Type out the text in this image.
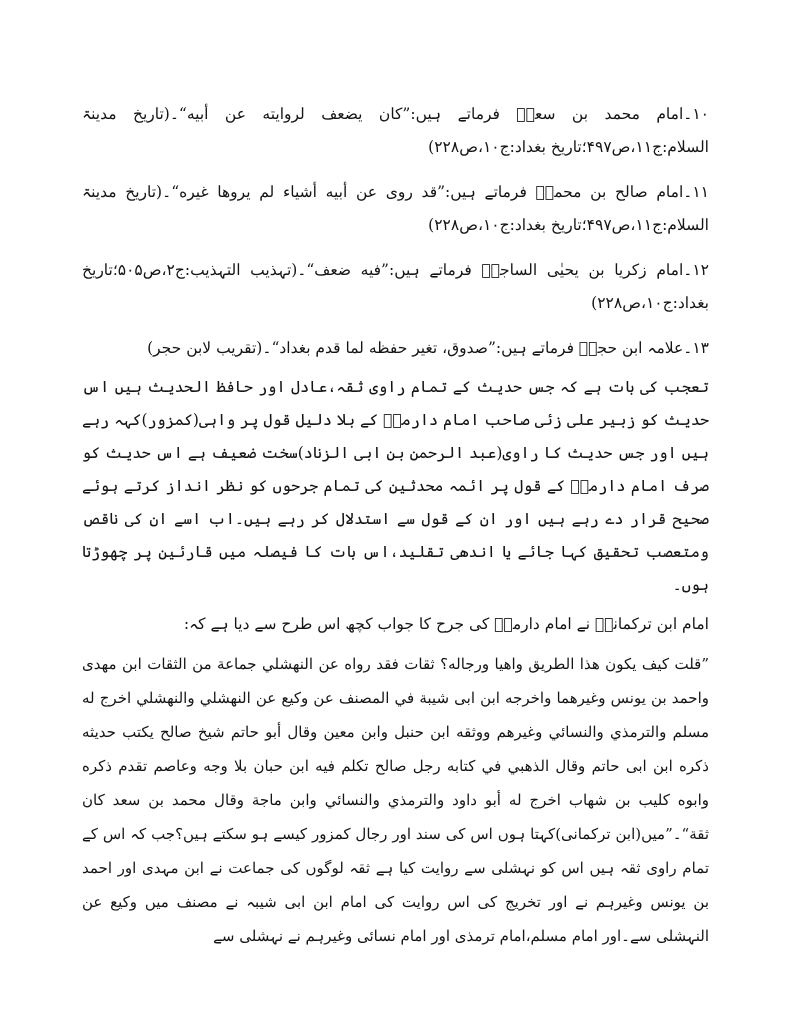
۱۰۔امام محمد بن سعدؒ فرماتے ہیں:”كان يضعف لروايته عن أبيه“۔(تاریخ مدینۃ السلام:ج۱۱،ص۴۹۷؛تاریخ بغداد:ج۱۰،ص۲۲۸)

۱۱۔امام صالح بن محمدؒ فرماتے ہیں:”قد روى عن أبيه أشياء لم يروها غيره“۔(تاریخ مدینۃ السلام:ج۱۱،ص۴۹۷؛تاریخ بغداد:ج۱۰،ص۲۲۸)

۱۲۔امام زکریا بن یحیٰی الساجیؒ فرماتے ہیں:”فيه ضعف“۔(تہذیب التہذیب:ج۲،ص۵۰۵؛تاریخ بغداد:ج۱۰،ص۲۲۸)

۱۳۔علامہ ابن حجرؒ فرماتے ہیں:”صدوق، تغير حفظه لما قدم بغداد“۔(تقریب لابن حجر)

تعجب کی بات ہے کہ جس حدیث کے تمام راوی ثقہ،عادل اور حافظ الحدیث ہیں اس حدیث کو زبیر علی زئی صاحب امام دارمیؒ کے بلا دلیل قول پر واہی(کمزور)کہہ رہے ہیں اور جس حدیث کا راوی(عبد الرحمن بن ابی الزناد)سخت ضعیف ہے اس حدیث کو صرف امام دارمیؒ کے قول پر ائمہ محدثین کی تمام جرحوں کو نظر انداز کرتے ہوئے صحیح قرار دے رہے ہیں اور ان کے قول سے استدلال کر رہے ہیں۔اب اسے ان کی ناقص ومتعصب تحقیق کہا جائے یا اندھی تقلید،اس بات کا فیصلہ میں قارئین پر چھوڑتا ہوں۔

امام ابن ترکمانیؒ نے امام دارمیؒ کی جرح کا جواب کچھ اس طرح سے دیا ہے کہ:

”قلت كيف يكون هذا الطريق واهيا ورجاله؟ ثقات فقد رواه عن النهشلي جماعة من الثقات ابن مهدى واحمد بن يونس وغيرهما واخرجه ابن ابى شيبة في المصنف عن وكيع عن النهشلي والنهشلي اخرج له مسلم والترمذي والنسائي وغيرهم ووثقه ابن حنبل وابن معين وقال أبو حاتم شيخ صالح يكتب حديثه ذكره ابن ابى حاتم وقال الذهبي في كتابه رجل صالح تكلم فيه ابن حبان بلا وجه وعاصم تقدم ذكره وابوه كليب بن شهاب اخرج له أبو داود والترمذي والنسائي وابن ماجة وقال محمد بن سعد كان ثقة“۔”میں(ابن ترکمانی)کہتا ہوں اس کی سند اور رجال کمزور کیسے ہو سکتے ہیں؟جب کہ اس کے تمام راوی ثقہ ہیں اس کو نہشلی سے روایت کیا ہے ثقہ لوگوں کی جماعت نے ابن مہدی اور احمد بن یونس وغیرہم نے اور تخریج کی اس روایت کی امام ابن ابی شیبہ نے مصنف میں وکیع عن النہشلی سے۔اور امام مسلم،امام ترمذی اور امام نسائی وغیرہم نے نہشلی سے
